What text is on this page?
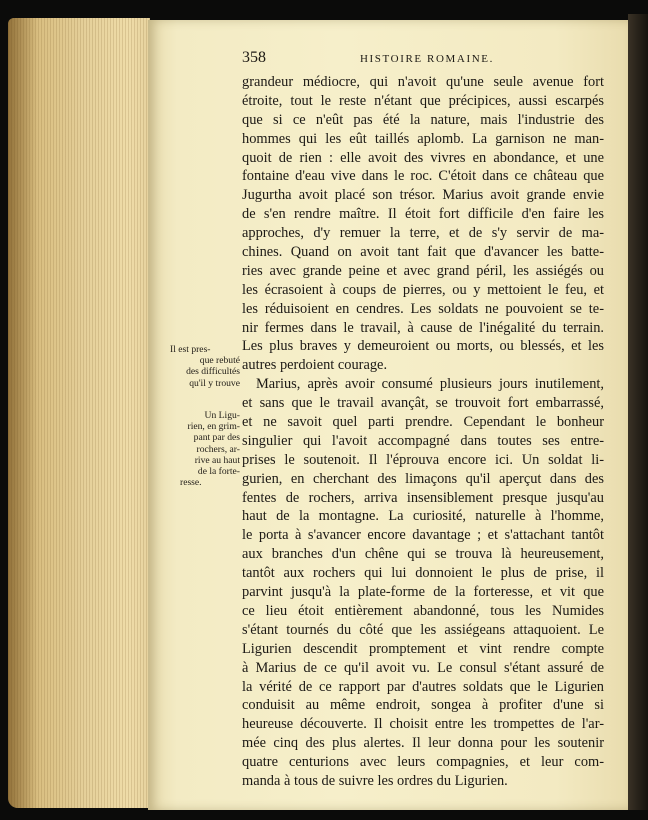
358	HISTOIRE ROMAINE.
grandeur médiocre, qui n'avoit qu'une seule avenue fort
étroite, tout le reste n'étant que précipices, aussi escarpés
que si ce n'eût pas été la nature, mais l'industrie des
hommes qui les eût taillés aplomb. La garnison ne man-
quoit de rien : elle avoit des vivres en abondance, et une
fontaine d'eau vive dans le roc. C'étoit dans ce château que
Jugurtha avoit placé son trésor. Marius avoit grande envie
de s'en rendre maître. Il étoit fort difficile d'en faire les
approches, d'y remuer la terre, et de s'y servir de ma-
chines. Quand on avoit tant fait que d'avancer les batte-
ries avec grande peine et avec grand péril, les assiégés ou
les écrasoient à coups de pierres, ou y mettoient le feu, et
les réduisoient en cendres. Les soldats ne pouvoient se te-
nir fermes dans le travail, à cause de l'inégalité du terrain.
Les plus braves y demeuroient ou morts, ou blessés, et les
autres perdoient courage.
Marius, après avoir consumé plusieurs jours inutilement,
et sans que le travail avançât, se trouvoit fort embarrassé,
et ne savoit quel parti prendre. Cependant le bonheur
singulier qui l'avoit accompagné dans toutes ses entre-
prises le soutenoit. Il l'éprouva encore ici. Un soldat li-
gurien, en cherchant des limaçons qu'il aperçut dans des
fentes de rochers, arriva insensiblement presque jusqu'au
haut de la montagne. La curiosité, naturelle à l'homme,
le porta à s'avancer encore davantage ; et s'attachant tantôt
aux branches d'un chêne qui se trouva là heureusement,
tantôt aux rochers qui lui donnoient le plus de prise, il
parvint jusqu'à la plate-forme de la forteresse, et vit que
ce lieu étoit entièrement abandonné, tous les Numides
s'étant tournés du côté que les assiégeans attaquoient. Le
Ligurien descendit promptement et vint rendre compte
à Marius de ce qu'il avoit vu. Le consul s'étant assuré de
la vérité de ce rapport par d'autres soldats que le Ligurien
conduisit au même endroit, songea à profiter d'une si
heureuse découverte. Il choisit entre les trompettes de l'ar-
mée cinq des plus alertes. Il leur donna pour les soutenir
quatre centurions avec leurs compagnies, et leur com-
manda à tous de suivre les ordres du Ligurien.
Il est pres-
que rebuté
des difficultés
qu'il y trouve
Un Ligu-
rien, en grim-
pant par des
rochers, ar-
rive au haut
de la forte-
resse.
